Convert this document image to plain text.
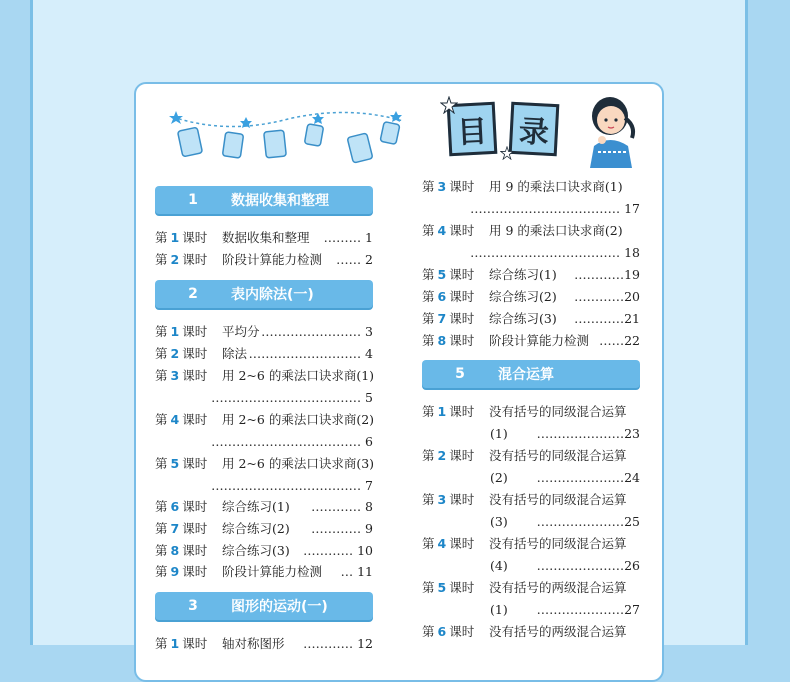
目 录
1	数据收集和整理
第 1 课时 数据收集和整理 ……… 1
第 2 课时 阶段计算能力检测 …… 2
2	表内除法(一)
第 1 课时 平均分 …………………… 3
第 2 课时 除法 ……………………… 4
第 3 课时 用 2~6 的乘法口诀求商(1)
……………………………… 5
第 4 课时 用 2~6 的乘法口诀求商(2)
……………………………… 6
第 5 课时 用 2~6 的乘法口诀求商(3)
……………………………… 7
第 6 课时 综合练习(1) ………… 8
第 7 课时 综合练习(2) ………… 9
第 8 课时 综合练习(3) ………… 10
第 9 课时 阶段计算能力检测 … 11
3	图形的运动(一)
第 1 课时 轴对称图形 ………… 12
第 3 课时 用 9 的乘法口诀求商(1)
……………………………… 17
第 4 课时 用 9 的乘法口诀求商(2)
……………………………… 18
第 5 课时 综合练习(1) …………19
第 6 课时 综合练习(2) …………20
第 7 课时 综合练习(3) …………21
第 8 课时 阶段计算能力检测 ……22
5	混合运算
第 1 课时 没有括号的同级混合运算
(1) …………………23
第 2 课时 没有括号的同级混合运算
(2) …………………24
第 3 课时 没有括号的同级混合运算
(3) …………………25
第 4 课时 没有括号的同级混合运算
(4) …………………26
第 5 课时 没有括号的两级混合运算
(1) …………………27
第 6 课时 没有括号的两级混合运算
